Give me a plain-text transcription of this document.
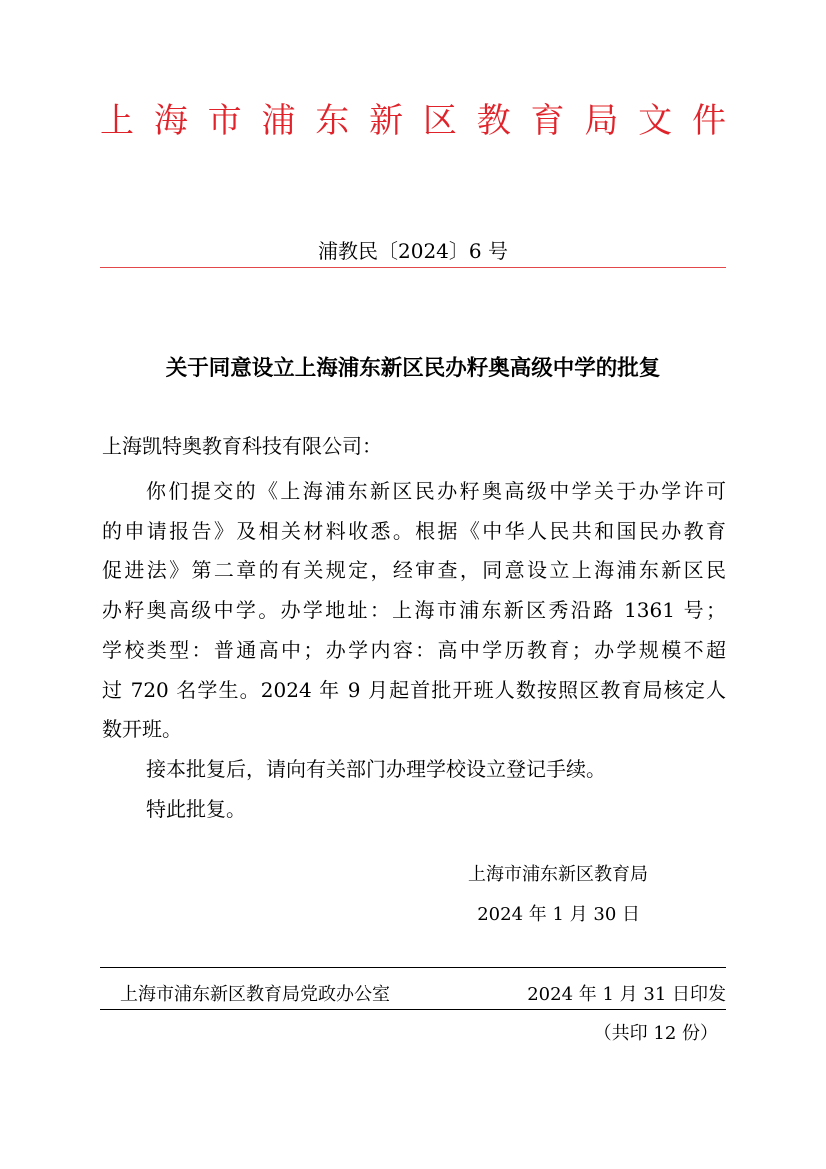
上 海 市 浦 东 新 区 教 育 局 文 件
浦教民〔2024〕6 号
关于同意设立上海浦东新区民办籽奥高级中学的批复
上海凯特奥教育科技有限公司：

你们提交的《上海浦东新区民办籽奥高级中学关于办学许可
的申请报告》及相关材料收悉。根据《中华人民共和国民办教育
促进法》第二章的有关规定，经审查，同意设立上海浦东新区民
办籽奥高级中学。办学地址：上海市浦东新区秀沿路 1361 号；
学校类型：普通高中；办学内容：高中学历教育；办学规模不超
过 720 名学生。2024 年 9 月起首批开班人数按照区教育局核定人
数开班。

接本批复后，请向有关部门办理学校设立登记手续。

特此批复。

上海市浦东新区教育局
2024 年 1 月 30 日
上海市浦东新区教育局党政办公室	2024 年 1 月 31 日印发
（共印 12 份）
